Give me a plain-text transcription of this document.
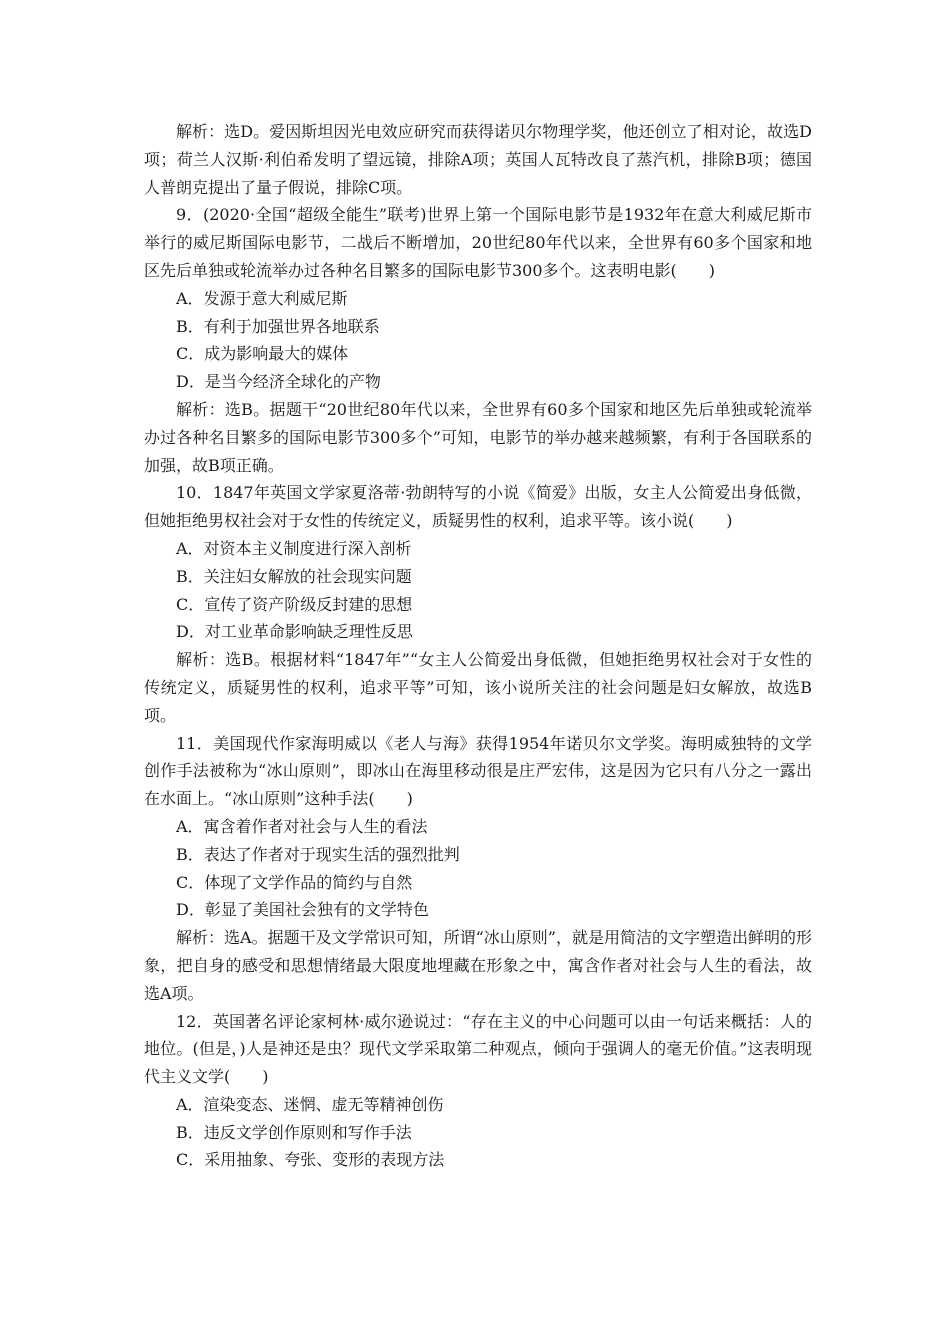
解析：选D。爱因斯坦因光电效应研究而获得诺贝尔物理学奖，他还创立了相对论，故选D项；荷兰人汉斯·利伯希发明了望远镜，排除A项；英国人瓦特改良了蒸汽机，排除B项；德国人普朗克提出了量子假说，排除C项。

9．(2020·全国“超级全能生”联考)世界上第一个国际电影节是1932年在意大利威尼斯市举行的威尼斯国际电影节，二战后不断增加，20世纪80年代以来，全世界有60多个国家和地区先后单独或轮流举办过各种名目繁多的国际电影节300多个。这表明电影(　　)

A．发源于意大利威尼斯

B．有利于加强世界各地联系

C．成为影响最大的媒体

D．是当今经济全球化的产物

解析：选B。据题干“20世纪80年代以来，全世界有60多个国家和地区先后单独或轮流举办过各种名目繁多的国际电影节300多个”可知，电影节的举办越来越频繁，有利于各国联系的加强，故B项正确。

10．1847年英国文学家夏洛蒂·勃朗特写的小说《简爱》出版，女主人公简爱出身低微，但她拒绝男权社会对于女性的传统定义，质疑男性的权利，追求平等。该小说(　　)

A．对资本主义制度进行深入剖析

B．关注妇女解放的社会现实问题

C．宣传了资产阶级反封建的思想

D．对工业革命影响缺乏理性反思

解析：选B。根据材料“1847年”“女主人公简爱出身低微，但她拒绝男权社会对于女性的传统定义，质疑男性的权利，追求平等”可知，该小说所关注的社会问题是妇女解放，故选B项。

11．美国现代作家海明威以《老人与海》获得1954年诺贝尔文学奖。海明威独特的文学创作手法被称为“冰山原则”，即冰山在海里移动很是庄严宏伟，这是因为它只有八分之一露出在水面上。“冰山原则”这种手法(　　)

A．寓含着作者对社会与人生的看法

B．表达了作者对于现实生活的强烈批判

C．体现了文学作品的简约与自然

D．彰显了美国社会独有的文学特色

解析：选A。据题干及文学常识可知，所谓“冰山原则”，就是用简洁的文字塑造出鲜明的形象，把自身的感受和思想情绪最大限度地埋藏在形象之中，寓含作者对社会与人生的看法，故选A项。

12．英国著名评论家柯林·威尔逊说过：“存在主义的中心问题可以由一句话来概括：人的地位。(但是，)人是神还是虫？现代文学采取第二种观点，倾向于强调人的毫无价值。”这表明现代主义文学(　　)

A．渲染变态、迷惘、虚无等精神创伤

B．违反文学创作原则和写作手法

C．采用抽象、夸张、变形的表现方法
